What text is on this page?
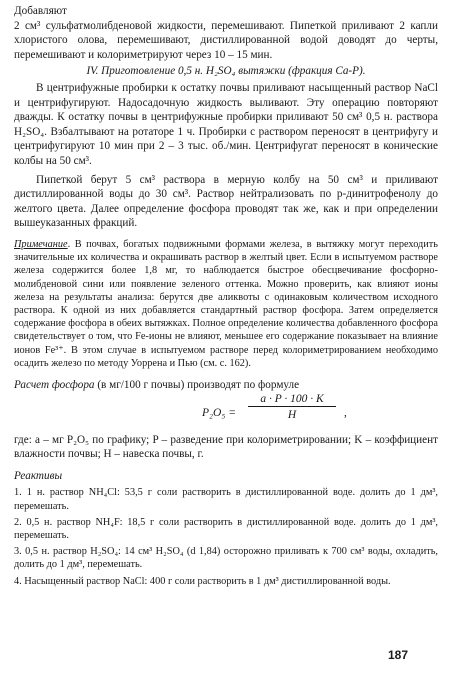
Добавляют

2 см³ сульфатмолибденовой жидкости, перемешивают. Пипеткой приливают 2 капли хлористого олова, перемешивают, дистиллированной водой доводят до черты, перемешивают и колориметрируют через 10 – 15 мин.

IV. Приготовление 0,5 н. H₂SO₄ вытяжки (фракция Ca-P).

В центрифужные пробирки к остатку почвы приливают насыщенный раствор NaCl и центрифугируют. Надосадочную жидкость выливают. Эту операцию повторяют дважды. К остатку почвы в центрифужные пробирки приливают 50 см³ 0,5 н. раствора H₂SO₄. Взбалтывают на ротаторе 1 ч. Пробирки с раствором переносят в центрифугу и центрифугируют 10 мин при 2 – 3 тыс. об./мин. Центрифугат переносят в конические колбы на 50 см³.

Пипеткой берут 5 см³ раствора в мерную колбу на 50 см³ и приливают дистиллированной воды до 30 см³. Раствор нейтрализовать по p-динитрофенолу до желтого цвета. Далее определение фосфора проводят так же, как и при определении вышеуказанных фракций.

Примечание. В почвах, богатых подвижными формами железа, в вытяжку могут переходить значительные их количества и окрашивать раствор в желтый цвет. Если в испытуемом растворе железа содержится более 1,8 мг, то наблюдается быстрое обесцвечивание фосфорно-молибденовой сини или появление зеленого оттенка. Можно проверить, как влияют ионы железа на результаты анализа: берутся две аликвоты с одинаковым количеством исходного раствора. К одной из них добавляется стандартный раствор фосфора. Затем определяется содержание фосфора в обеих вытяжках. Полное определение количества добавленного фосфора свидетельствует о том, что Fe-ионы не влияют, меньшее его содержание показывает на влияние ионов Fe³⁺. В этом случае в испытуемом растворе перед колориметрированием необходимо осадить железо по методу Уоррена и Пью (см. с. 162).

Расчет фосфора (в мг/100 г почвы) производят по формуле

P₂O₅ =
a · P · 100 · K
H	,

где: a – мг P₂O₅ по графику; P – разведение при колориметрировании; K – коэффициент влажности почвы; H – навеска почвы, г.

Реактивы

1. 1 н. раствор NH₄Cl: 53,5 г соли растворить в дистиллированной воде. долить до 1 дм³, перемешать.

2. 0,5 н. раствор NH₄F: 18,5 г соли растворить в дистиллированной воде. долить до 1 дм³, перемешать.

3. 0,5 н. раствор H₂SO₄: 14 см³ H₂SO₄ (d 1,84) осторожно приливать к 700 см³ воды, охладить, долить до 1 дм³, перемешать.

4. Насыщенный раствор NaCl: 400 г соли растворить в 1 дм³ дистиллированной воды.

187
